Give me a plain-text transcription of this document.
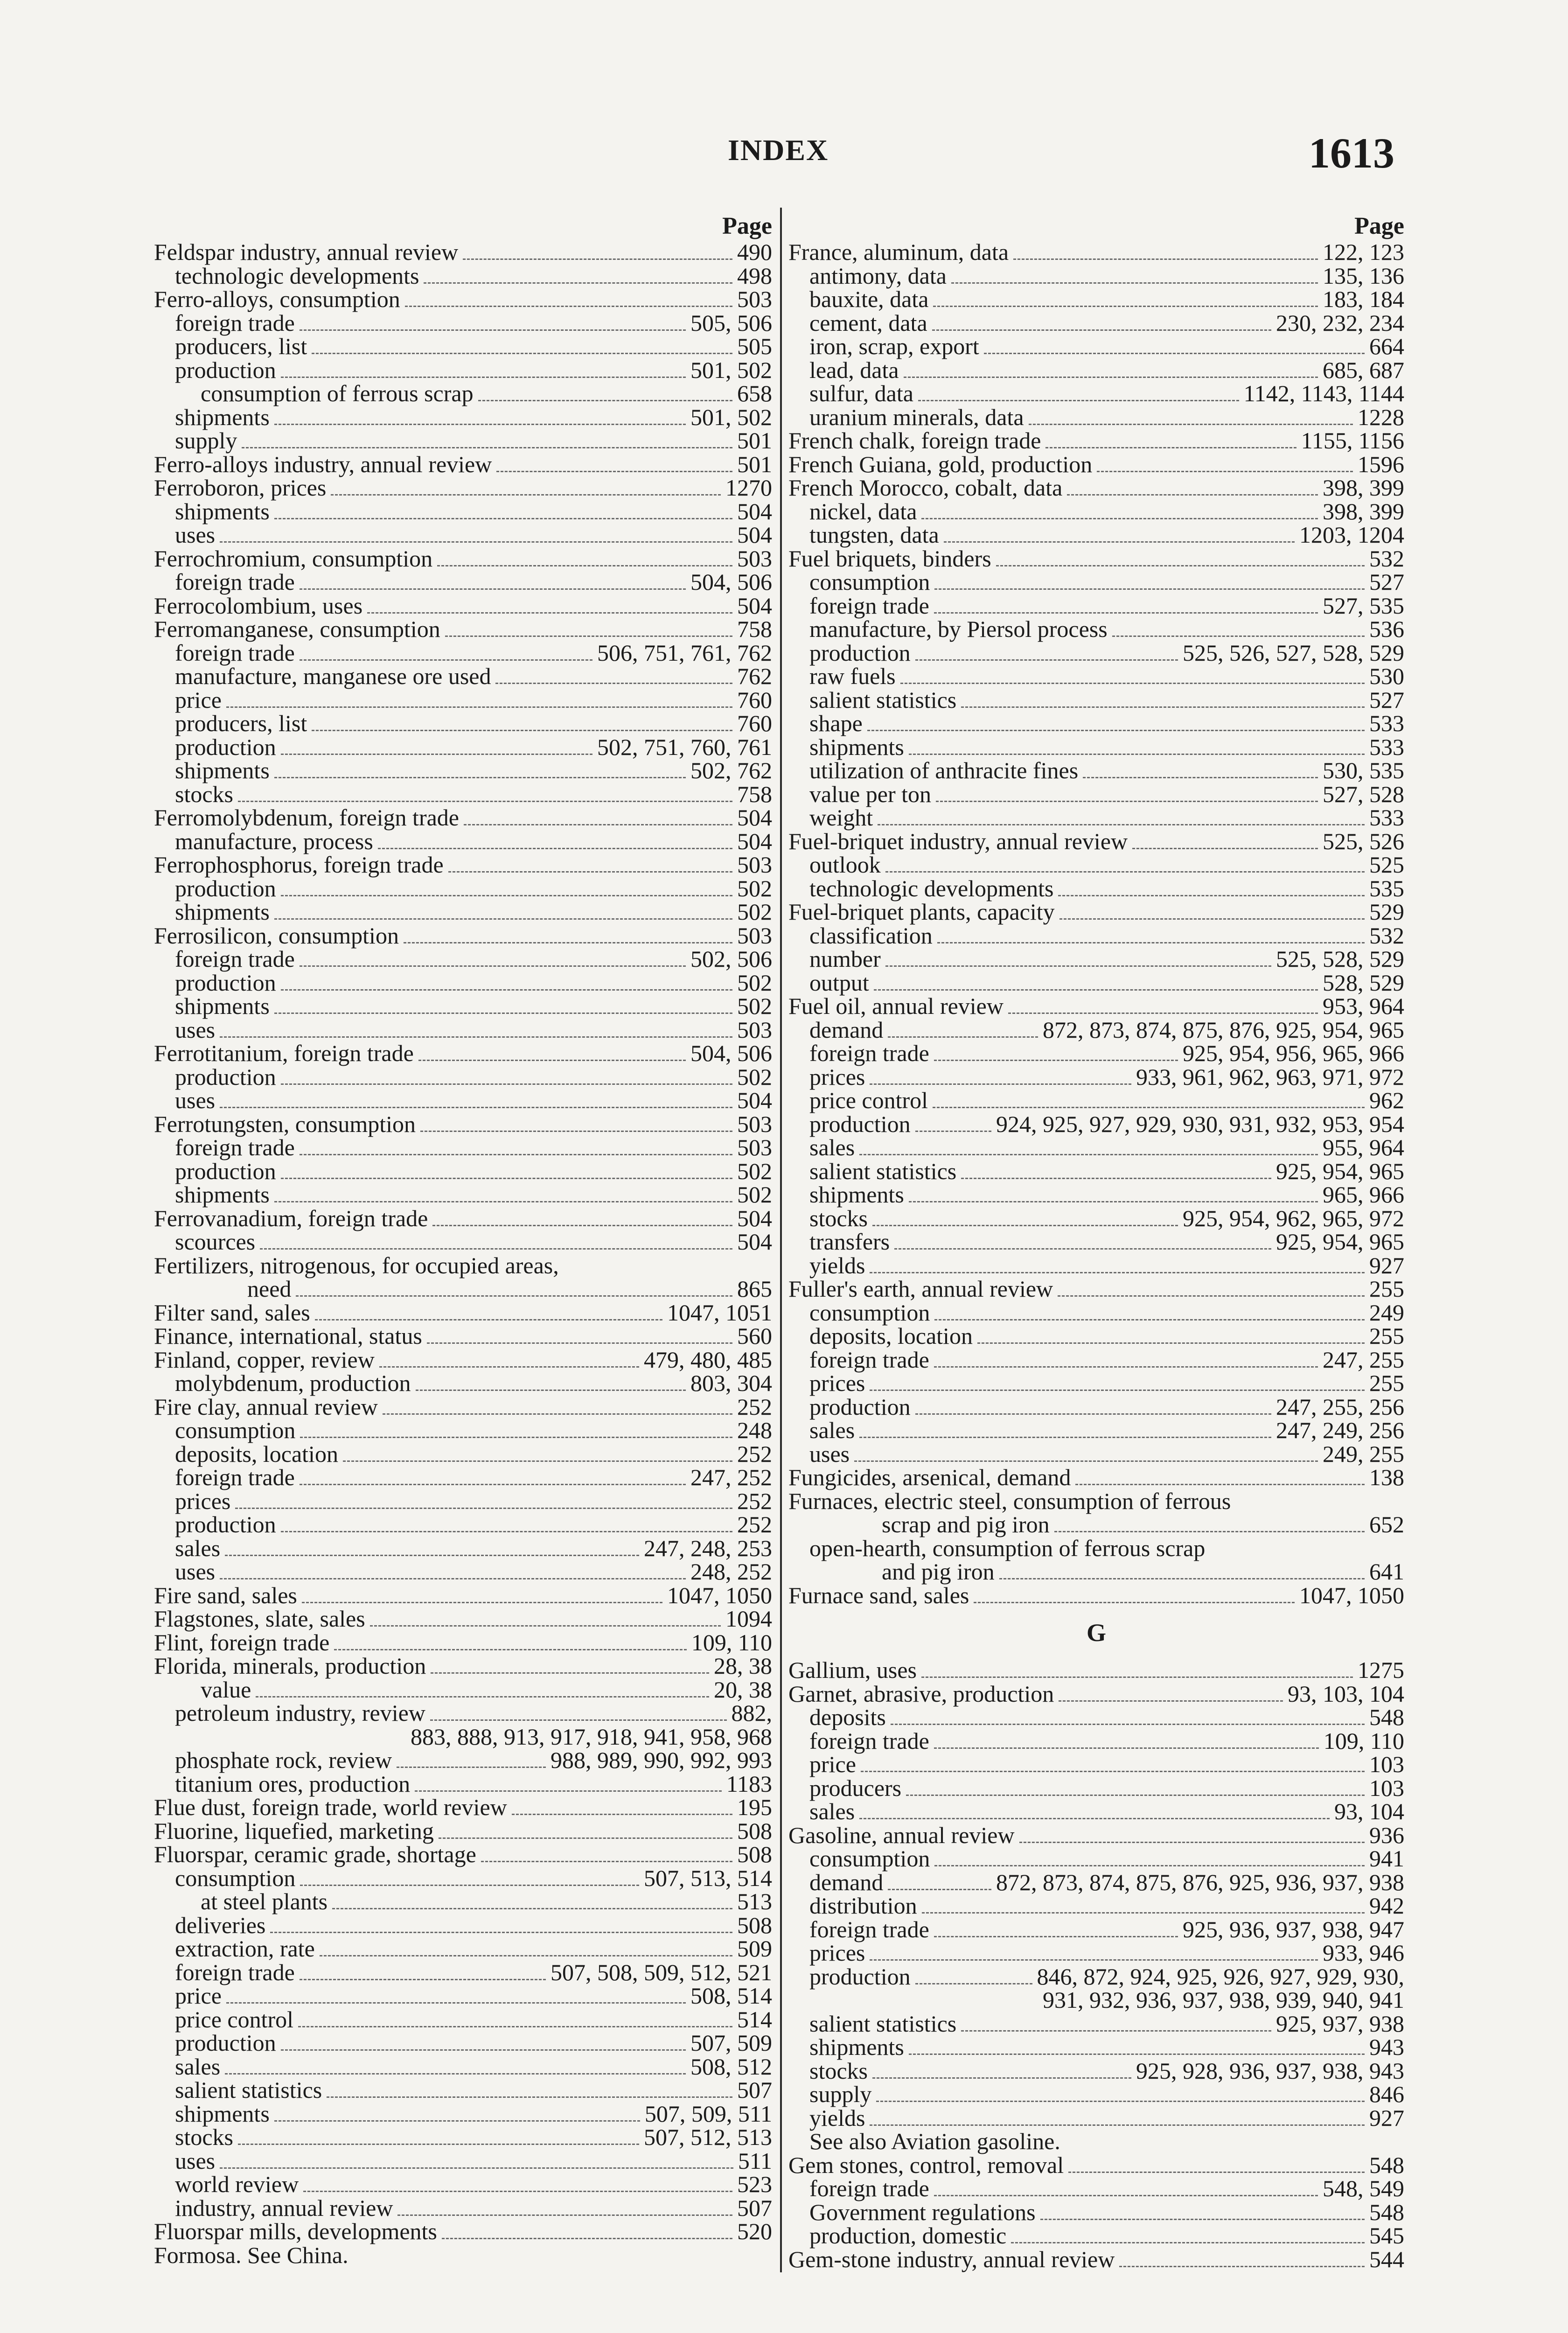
INDEX	1613
Page
Feldspar industry, annual review	490
technologic developments	498
Ferro-alloys, consumption	503
foreign trade	505, 506
producers, list	505
production	501, 502
consumption of ferrous scrap	658
shipments	501, 502
supply	501
Ferro-alloys industry, annual review	501
Ferroboron, prices	1270
shipments	504
uses	504
Ferrochromium, consumption	503
foreign trade	504, 506
Ferrocolombium, uses	504
Ferromanganese, consumption	758
foreign trade	506, 751, 761, 762
manufacture, manganese ore used	762
price	760
producers, list	760
production	502, 751, 760, 761
shipments	502, 762
stocks	758
Ferromolybdenum, foreign trade	504
manufacture, process	504
Ferrophosphorus, foreign trade	503
production	502
shipments	502
Ferrosilicon, consumption	503
foreign trade	502, 506
production	502
shipments	502
uses	503
Ferrotitanium, foreign trade	504, 506
production	502
uses	504
Ferrotungsten, consumption	503
foreign trade	503
production	502
shipments	502
Ferrovanadium, foreign trade	504
scources	504
Fertilizers, nitrogenous, for occupied areas,
need	865
Filter sand, sales	1047, 1051
Finance, international, status	560
Finland, copper, review	479, 480, 485
molybdenum, production	803, 304
Fire clay, annual review	252
consumption	248
deposits, location	252
foreign trade	247, 252
prices	252
production	252
sales	247, 248, 253
uses	248, 252
Fire sand, sales	1047, 1050
Flagstones, slate, sales	1094
Flint, foreign trade	109, 110
Florida, minerals, production	28, 38
value	20, 38
petroleum industry, review	882,
883, 888, 913, 917, 918, 941, 958, 968
phosphate rock, review	988, 989, 990, 992, 993
titanium ores, production	1183
Flue dust, foreign trade, world review	195
Fluorine, liquefied, marketing	508
Fluorspar, ceramic grade, shortage	508
consumption	507, 513, 514
at steel plants	513
deliveries	508
extraction, rate	509
foreign trade	507, 508, 509, 512, 521
price	508, 514
price control	514
production	507, 509
sales	508, 512
salient statistics	507
shipments	507, 509, 511
stocks	507, 512, 513
uses	511
world review	523
industry, annual review	507
Fluorspar mills, developments	520
Formosa. See China.
Page
France, aluminum, data	122, 123
antimony, data	135, 136
bauxite, data	183, 184
cement, data	230, 232, 234
iron, scrap, export	664
lead, data	685, 687
sulfur, data	1142, 1143, 1144
uranium minerals, data	1228
French chalk, foreign trade	1155, 1156
French Guiana, gold, production	1596
French Morocco, cobalt, data	398, 399
nickel, data	398, 399
tungsten, data	1203, 1204
Fuel briquets, binders	532
consumption	527
foreign trade	527, 535
manufacture, by Piersol process	536
production	525, 526, 527, 528, 529
raw fuels	530
salient statistics	527
shape	533
shipments	533
utilization of anthracite fines	530, 535
value per ton	527, 528
weight	533
Fuel-briquet industry, annual review	525, 526
outlook	525
technologic developments	535
Fuel-briquet plants, capacity	529
classification	532
number	525, 528, 529
output	528, 529
Fuel oil, annual review	953, 964
demand	872, 873, 874, 875, 876, 925, 954, 965
foreign trade	925, 954, 956, 965, 966
prices	933, 961, 962, 963, 971, 972
price control	962
production	924, 925, 927, 929, 930, 931, 932, 953, 954
sales	955, 964
salient statistics	925, 954, 965
shipments	965, 966
stocks	925, 954, 962, 965, 972
transfers	925, 954, 965
yields	927
Fuller's earth, annual review	255
consumption	249
deposits, location	255
foreign trade	247, 255
prices	255
production	247, 255, 256
sales	247, 249, 256
uses	249, 255
Fungicides, arsenical, demand	138
Furnaces, electric steel, consumption of ferrous
scrap and pig iron	652
open-hearth, consumption of ferrous scrap
and pig iron	641
Furnace sand, sales	1047, 1050
G
Gallium, uses	1275
Garnet, abrasive, production	93, 103, 104
deposits	548
foreign trade	109, 110
price	103
producers	103
sales	93, 104
Gasoline, annual review	936
consumption	941
demand	872, 873, 874, 875, 876, 925, 936, 937, 938
distribution	942
foreign trade	925, 936, 937, 938, 947
prices	933, 946
production	846, 872, 924, 925, 926, 927, 929, 930,
931, 932, 936, 937, 938, 939, 940, 941
salient statistics	925, 937, 938
shipments	943
stocks	925, 928, 936, 937, 938, 943
supply	846
yields	927
See also Aviation gasoline.
Gem stones, control, removal	548
foreign trade	548, 549
Government regulations	548
production, domestic	545
Gem-stone industry, annual review	544
